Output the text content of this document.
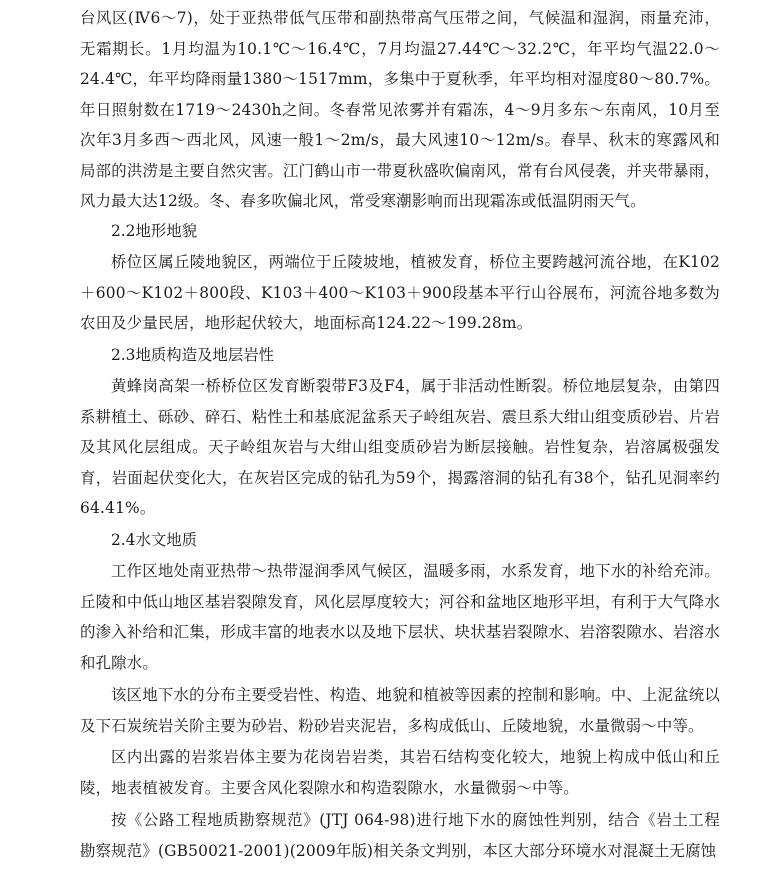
台风区(Ⅳ6～7)，处于亚热带低气压带和副热带高气压带之间，气候温和湿润，雨量充沛，无霜期长。1月均温为10.1℃～16.4℃，7月均温27.44℃～32.2℃，年平均气温22.0～24.4℃，年平均降雨量1380～1517mm，多集中于夏秋季，年平均相对湿度80～80.7%。年日照射数在1719～2430h之间。冬春常见浓雾并有霜冻，4～9月多东～东南风，10月至次年3月多西～西北风，风速一般1～2m/s，最大风速10～12m/s。春旱、秋末的寒露风和局部的洪涝是主要自然灾害。江门鹤山市一带夏秋盛吹偏南风，常有台风侵袭，并夹带暴雨，风力最大达12级。冬、春多吹偏北风，常受寒潮影响而出现霜冻或低温阴雨天气。

2.2地形地貌

桥位区属丘陵地貌区，两端位于丘陵坡地，植被发育，桥位主要跨越河流谷地，在K102＋600～K102＋800段、K103＋400～K103＋900段基本平行山谷展布，河流谷地多数为农田及少量民居，地形起伏较大，地面标高124.22～199.28m。

2.3地质构造及地层岩性

黄蜂岗高架一桥桥位区发育断裂带F3及F4，属于非活动性断裂。桥位地层复杂，由第四系耕植土、砾砂、碎石、粘性土和基底泥盆系天子岭组灰岩、震旦系大绀山组变质砂岩、片岩及其风化层组成。天子岭组灰岩与大绀山组变质砂岩为断层接触。岩性复杂，岩溶属极强发育，岩面起伏变化大，在灰岩区完成的钻孔为59个，揭露溶洞的钻孔有38个，钻孔见洞率约64.41%。

2.4水文地质

工作区地处南亚热带～热带湿润季风气候区，温暖多雨，水系发育，地下水的补给充沛。丘陵和中低山地区基岩裂隙发育，风化层厚度较大；河谷和盆地区地形平坦，有利于大气降水的渗入补给和汇集，形成丰富的地表水以及地下层状、块状基岩裂隙水、岩溶裂隙水、岩溶水和孔隙水。

该区地下水的分布主要受岩性、构造、地貌和植被等因素的控制和影响。中、上泥盆统以及下石炭统岩关阶主要为砂岩、粉砂岩夹泥岩，多构成低山、丘陵地貌，水量微弱～中等。

区内出露的岩浆岩体主要为花岗岩岩类，其岩石结构变化较大，地貌上构成中低山和丘陵，地表植被发育。主要含风化裂隙水和构造裂隙水，水量微弱～中等。

按《公路工程地质勘察规范》(JTJ 064-98)进行地下水的腐蚀性判别，结合《岩土工程勘察规范》(GB50021-2001)(2009年版)相关条文判别，本区大部分环境水对混凝土无腐蚀
